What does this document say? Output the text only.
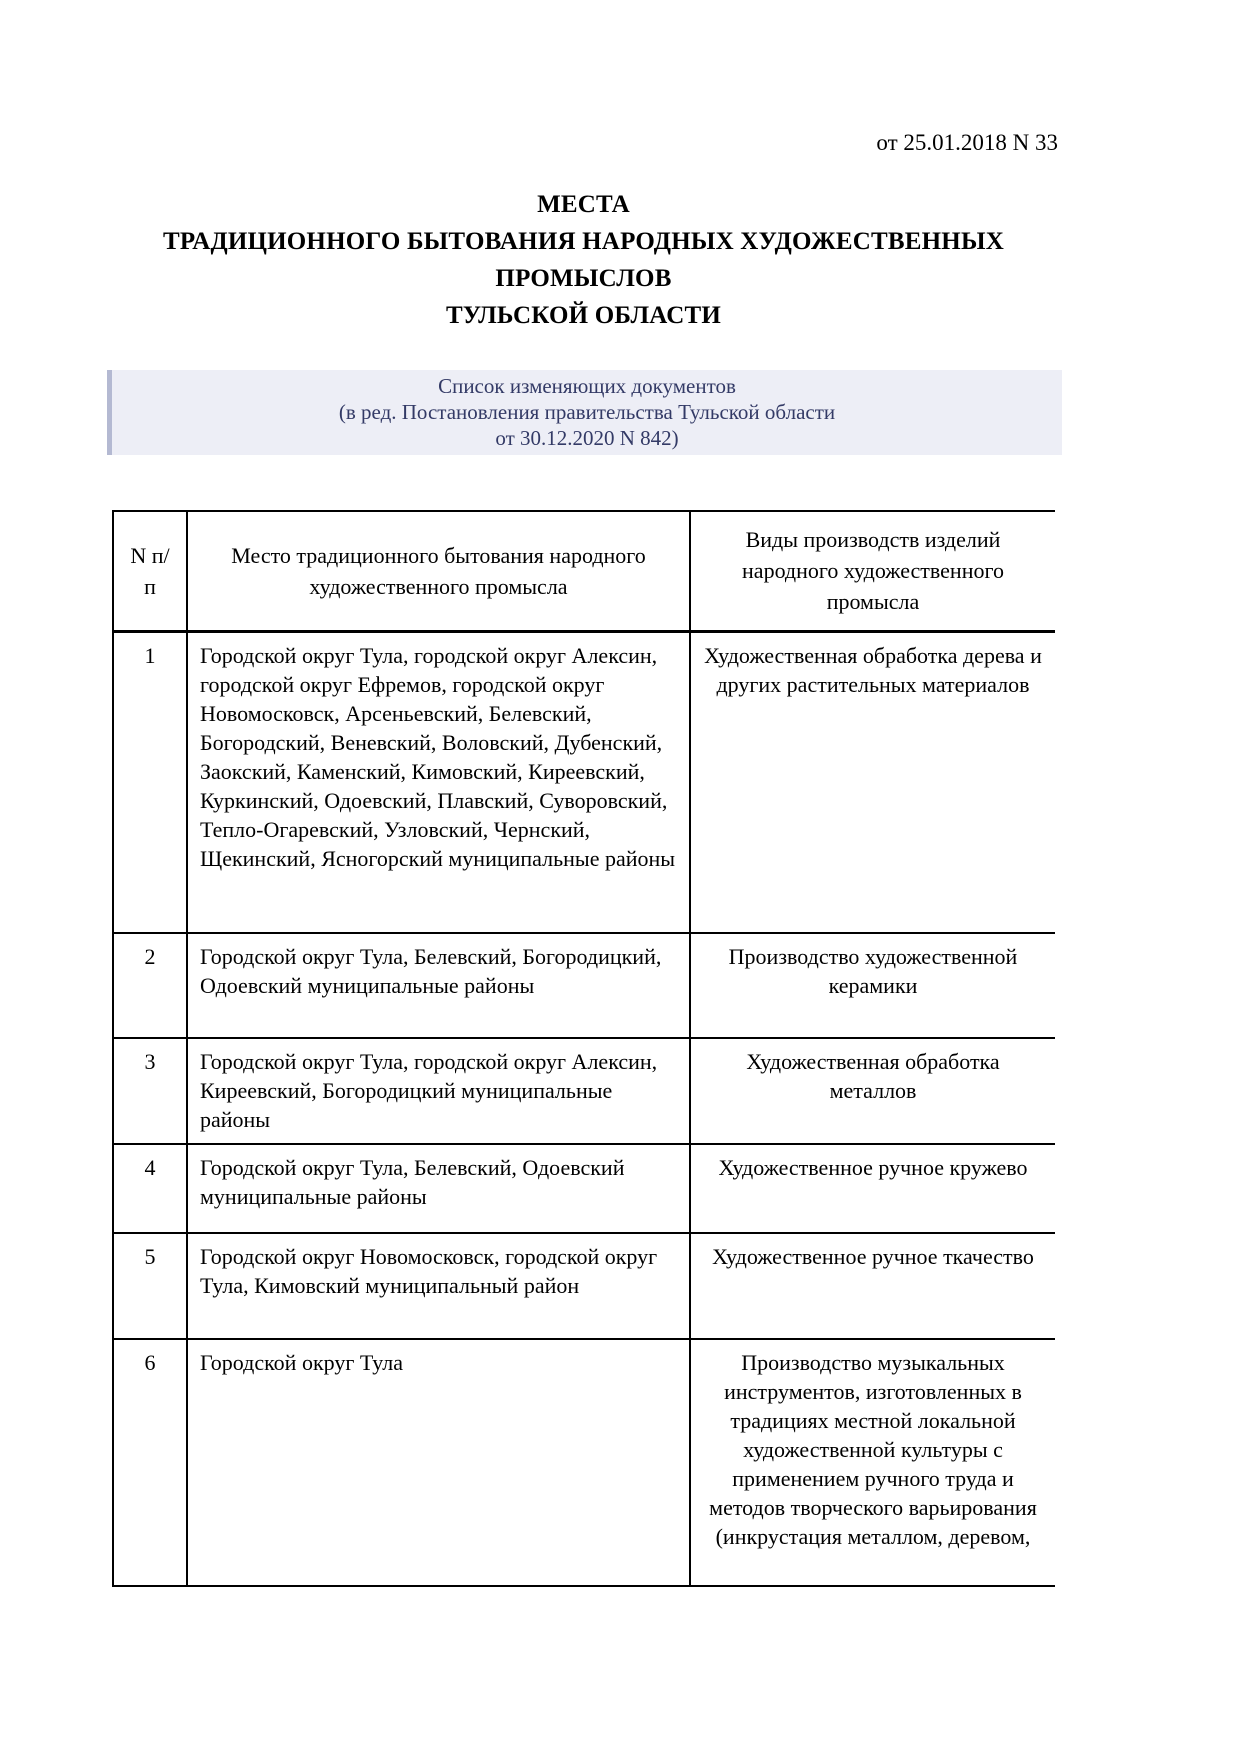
от 25.01.2018 N 33
МЕСТА
ТРАДИЦИОННОГО БЫТОВАНИЯ НАРОДНЫХ ХУДОЖЕСТВЕННЫХ
ПРОМЫСЛОВ
ТУЛЬСКОЙ ОБЛАСТИ
Список изменяющих документов
(в ред. Постановления правительства Тульской области
от 30.12.2020 N 842)
N п/п	Место традиционного бытования народного художественного промысла	Виды производств изделий народного художественного промысла
1	Городской округ Тула, городской округ Алексин, городской округ Ефремов, городской округ Новомосковск, Арсеньевский, Белевский, Богородский, Веневский, Воловский, Дубенский, Заокский, Каменский, Кимовский, Киреевский, Куркинский, Одоевский, Плавский, Суворовский, Тепло-Огаревский, Узловский, Чернский, Щекинский, Ясногорский муниципальные районы	Художественная обработка дерева и других растительных материалов
2	Городской округ Тула, Белевский, Богородицкий, Одоевский муниципальные районы	Производство художественной керамики
3	Городской округ Тула, городской округ Алексин, Киреевский, Богородицкий муниципальные районы	Художественная обработка металлов
4	Городской округ Тула, Белевский, Одоевский муниципальные районы	Художественное ручное кружево
5	Городской округ Новомосковск, городской округ Тула, Кимовский муниципальный район	Художественное ручное ткачество
6	Городской округ Тула	Производство музыкальных инструментов, изготовленных в традициях местной локальной художественной культуры с применением ручного труда и методов творческого варьирования (инкрустация металлом, деревом,
